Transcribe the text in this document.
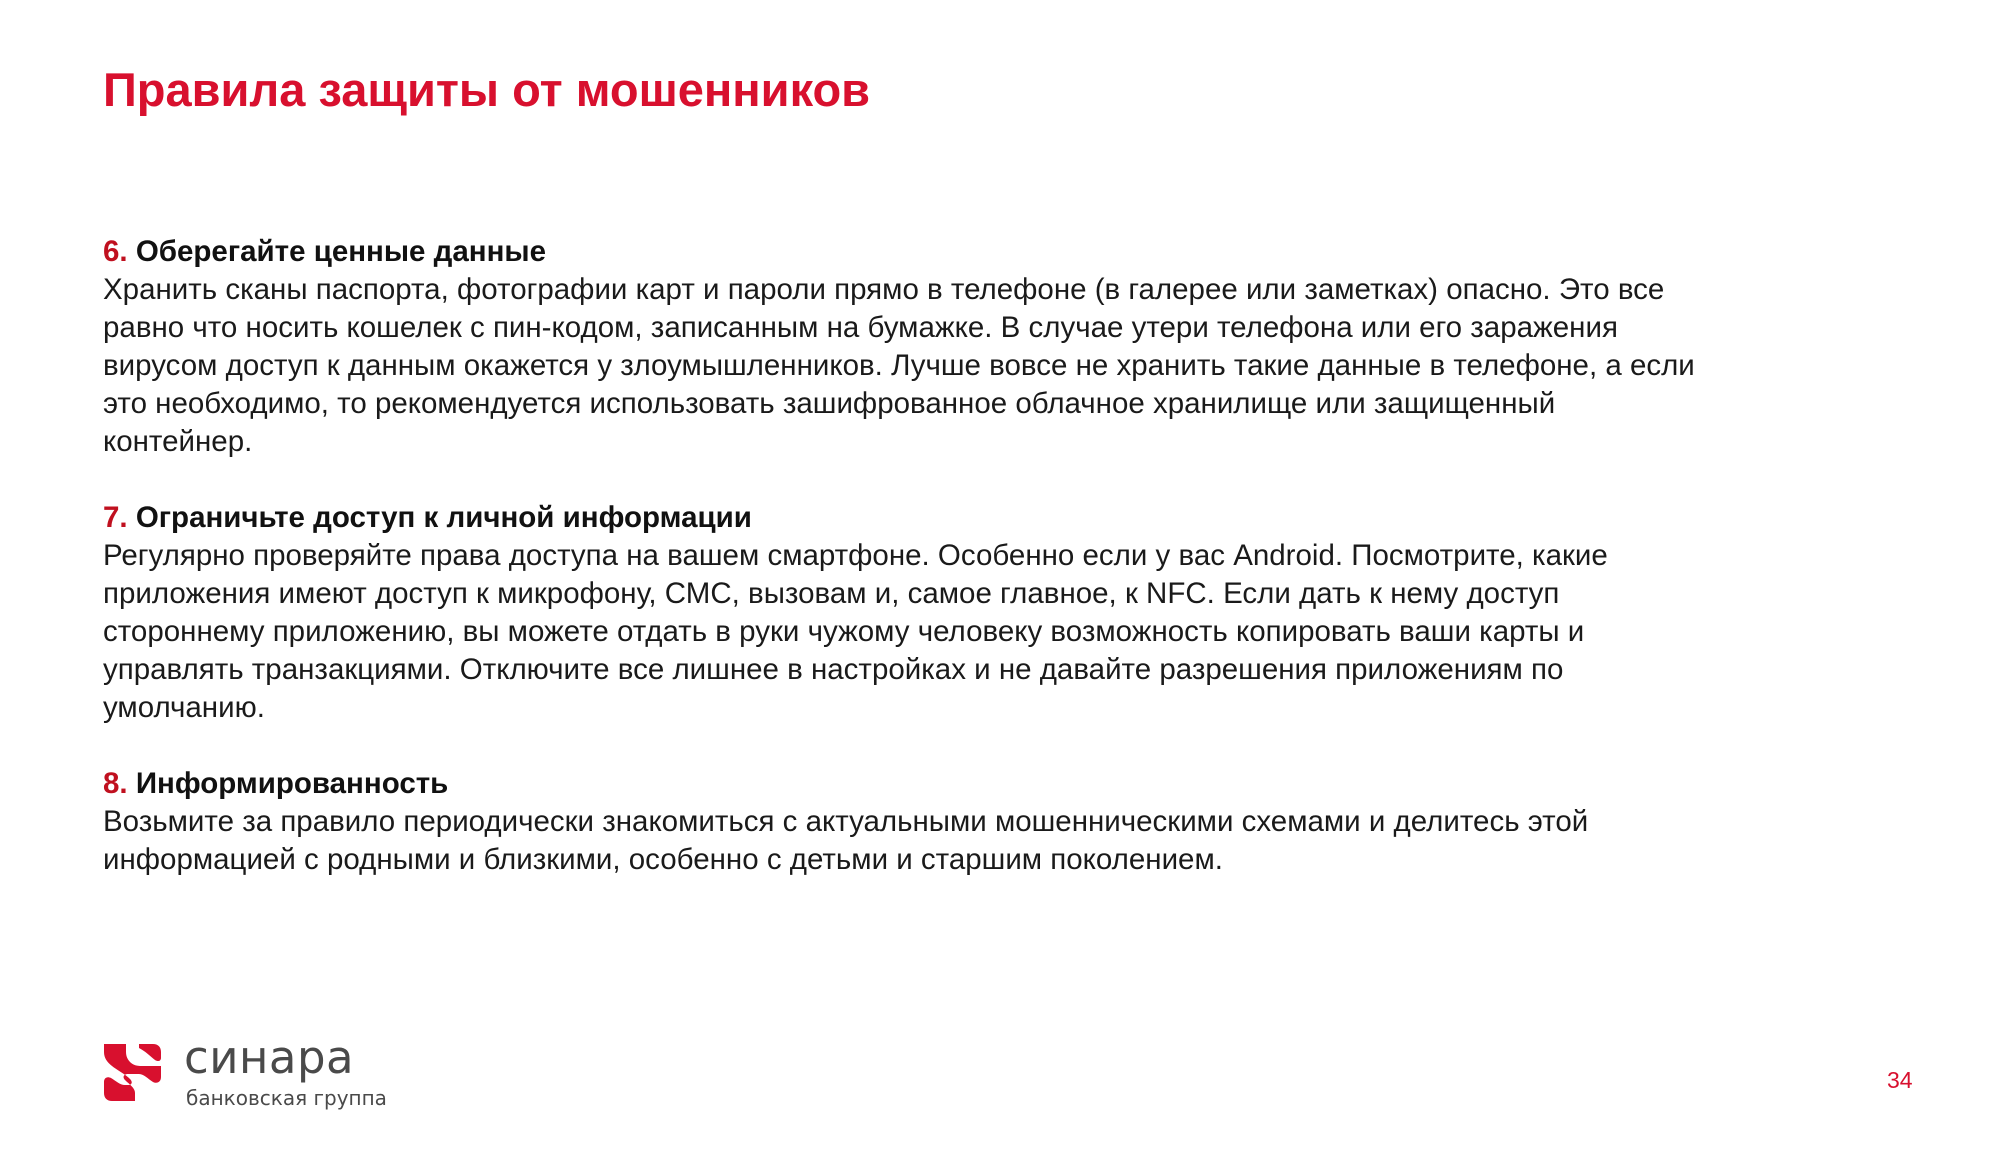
Правила защиты от мошенников
6. Оберегайте ценные данные
Хранить сканы паспорта, фотографии карт и пароли прямо в телефоне (в галерее или заметках) опасно. Это все
равно что носить кошелек с пин-кодом, записанным на бумажке. В случае утери телефона или его заражения
вирусом доступ к данным окажется у злоумышленников. Лучше вовсе не хранить такие данные в телефоне, а если
это необходимо, то рекомендуется использовать зашифрованное облачное хранилище или защищенный
контейнер.
7. Ограничьте доступ к личной информации
Регулярно проверяйте права доступа на вашем смартфоне. Особенно если у вас Android. Посмотрите, какие
приложения имеют доступ к микрофону, СМС, вызовам и, самое главное, к NFC. Если дать к нему доступ
стороннему приложению, вы можете отдать в руки чужому человеку возможность копировать ваши карты и
управлять транзакциями. Отключите все лишнее в настройках и не давайте разрешения приложениям по
умолчанию.
8. Информированность
Возьмите за правило периодически знакомиться с актуальными мошенническими схемами и делитесь этой
информацией с родными и близкими, особенно с детьми и старшим поколением.
синара
банковская группа
34
